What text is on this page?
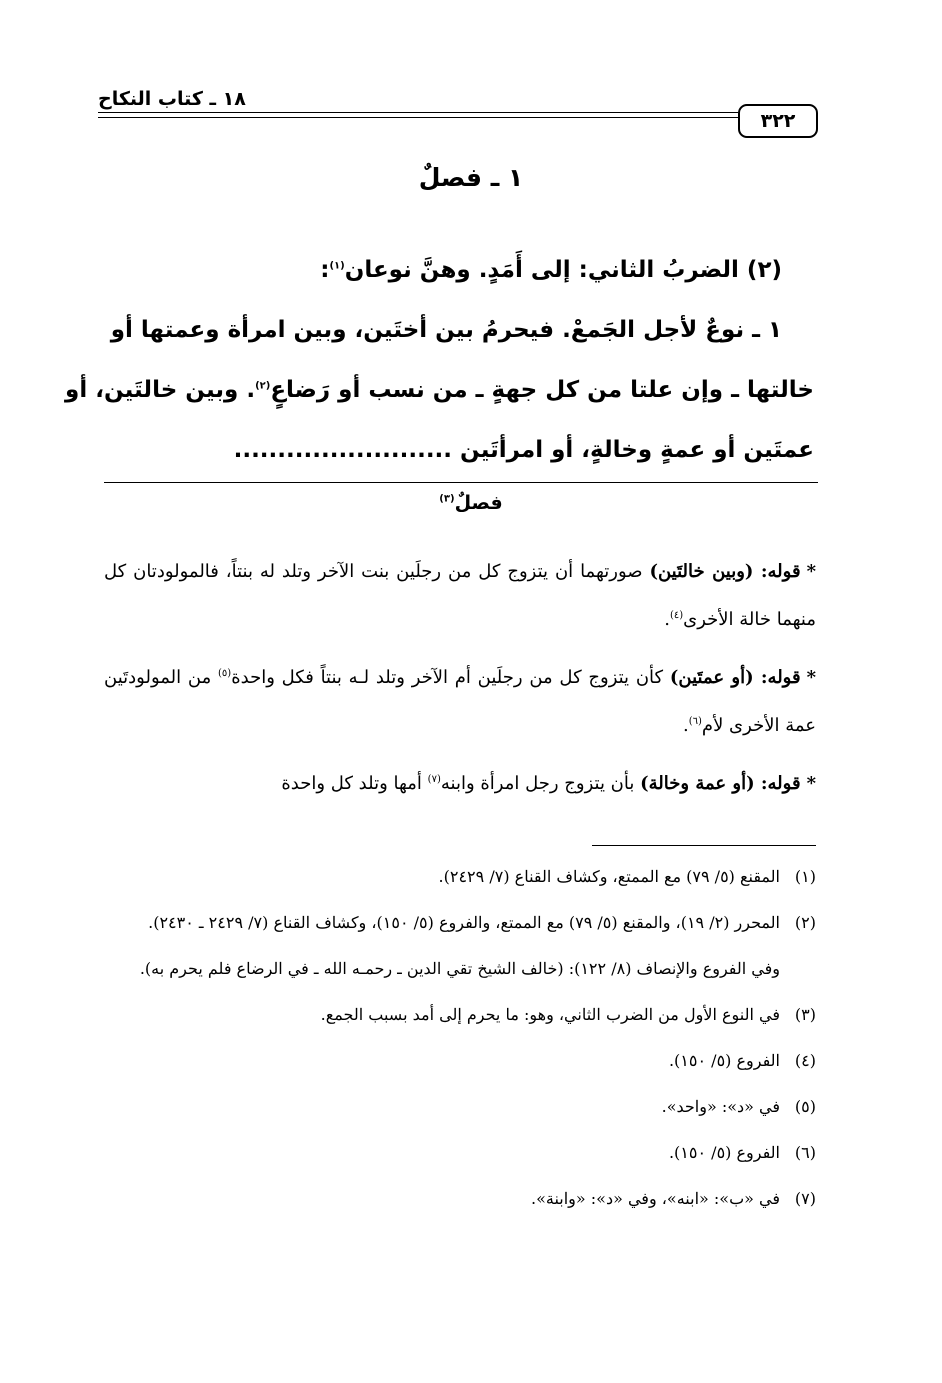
١٨ ـ كتاب النكاح
٣٢٢
١ ـ فصلٌ
(٢) الضربُ الثاني: إلى أَمَدٍ. وهنَّ نوعان$^{(١)}$:
١ ـ نوعٌ لأجل الجَمعْ. فيحرمُ بين أختَين، وبين امرأة وعمتها أو
خالتها ـ وإن علتا من كل جهةٍ ـ من نسب أو رَضاعٍ$^{(٢)}$. وبين خالتَين، أو
عمتَين أو عمةٍ وخالةٍ، أو امرأتَين .........................
فصلٌ$^{(٣)}$

*قوله: (وبين خالتَين) صورتهما أن يتزوج كل من رجلَين بنت الآخر وتلد له بنتاً، فالمولودتان كل منهما خالة الأخرى$^{(٤)}$.

*قوله: (أو عمتَين) كأن يتزوج كل من رجلَين أم الآخر وتلد لـه بنتاً فكل واحدة$^{(٥)}$ من المولودتَين عمة الأخرى لأم$^{(٦)}$.

*قوله: (أو عمة وخالة) بأن يتزوج رجل امرأة وابنه$^{(٧)}$ أمها وتلد كل واحدة

(١)
المقنع (٥/ ٧٩) مع الممتع، وكشاف القناع (٧/ ٢٤٢٩).
(٢)
المحرر (٢/ ١٩)، والمقنع (٥/ ٧٩) مع الممتع، والفروع (٥/ ١٥٠)، وكشاف القناع (٧/ ٢٤٢٩ ـ ٢٤٣٠).
وفي الفروع والإنصاف (٨/ ١٢٢): (خالف الشيخ تقي الدين ـ رحمـه الله ـ في الرضاع فلم يحرم به).
(٣)
في النوع الأول من الضرب الثاني، وهو: ما يحرم إلى أمد بسبب الجمع.
(٤)
الفروع (٥/ ١٥٠).
(٥)
في «د»: «واحد».
(٦)
الفروع (٥/ ١٥٠).
(٧)
في «ب»: «ابنه»، وفي «د»: «وابنة».
